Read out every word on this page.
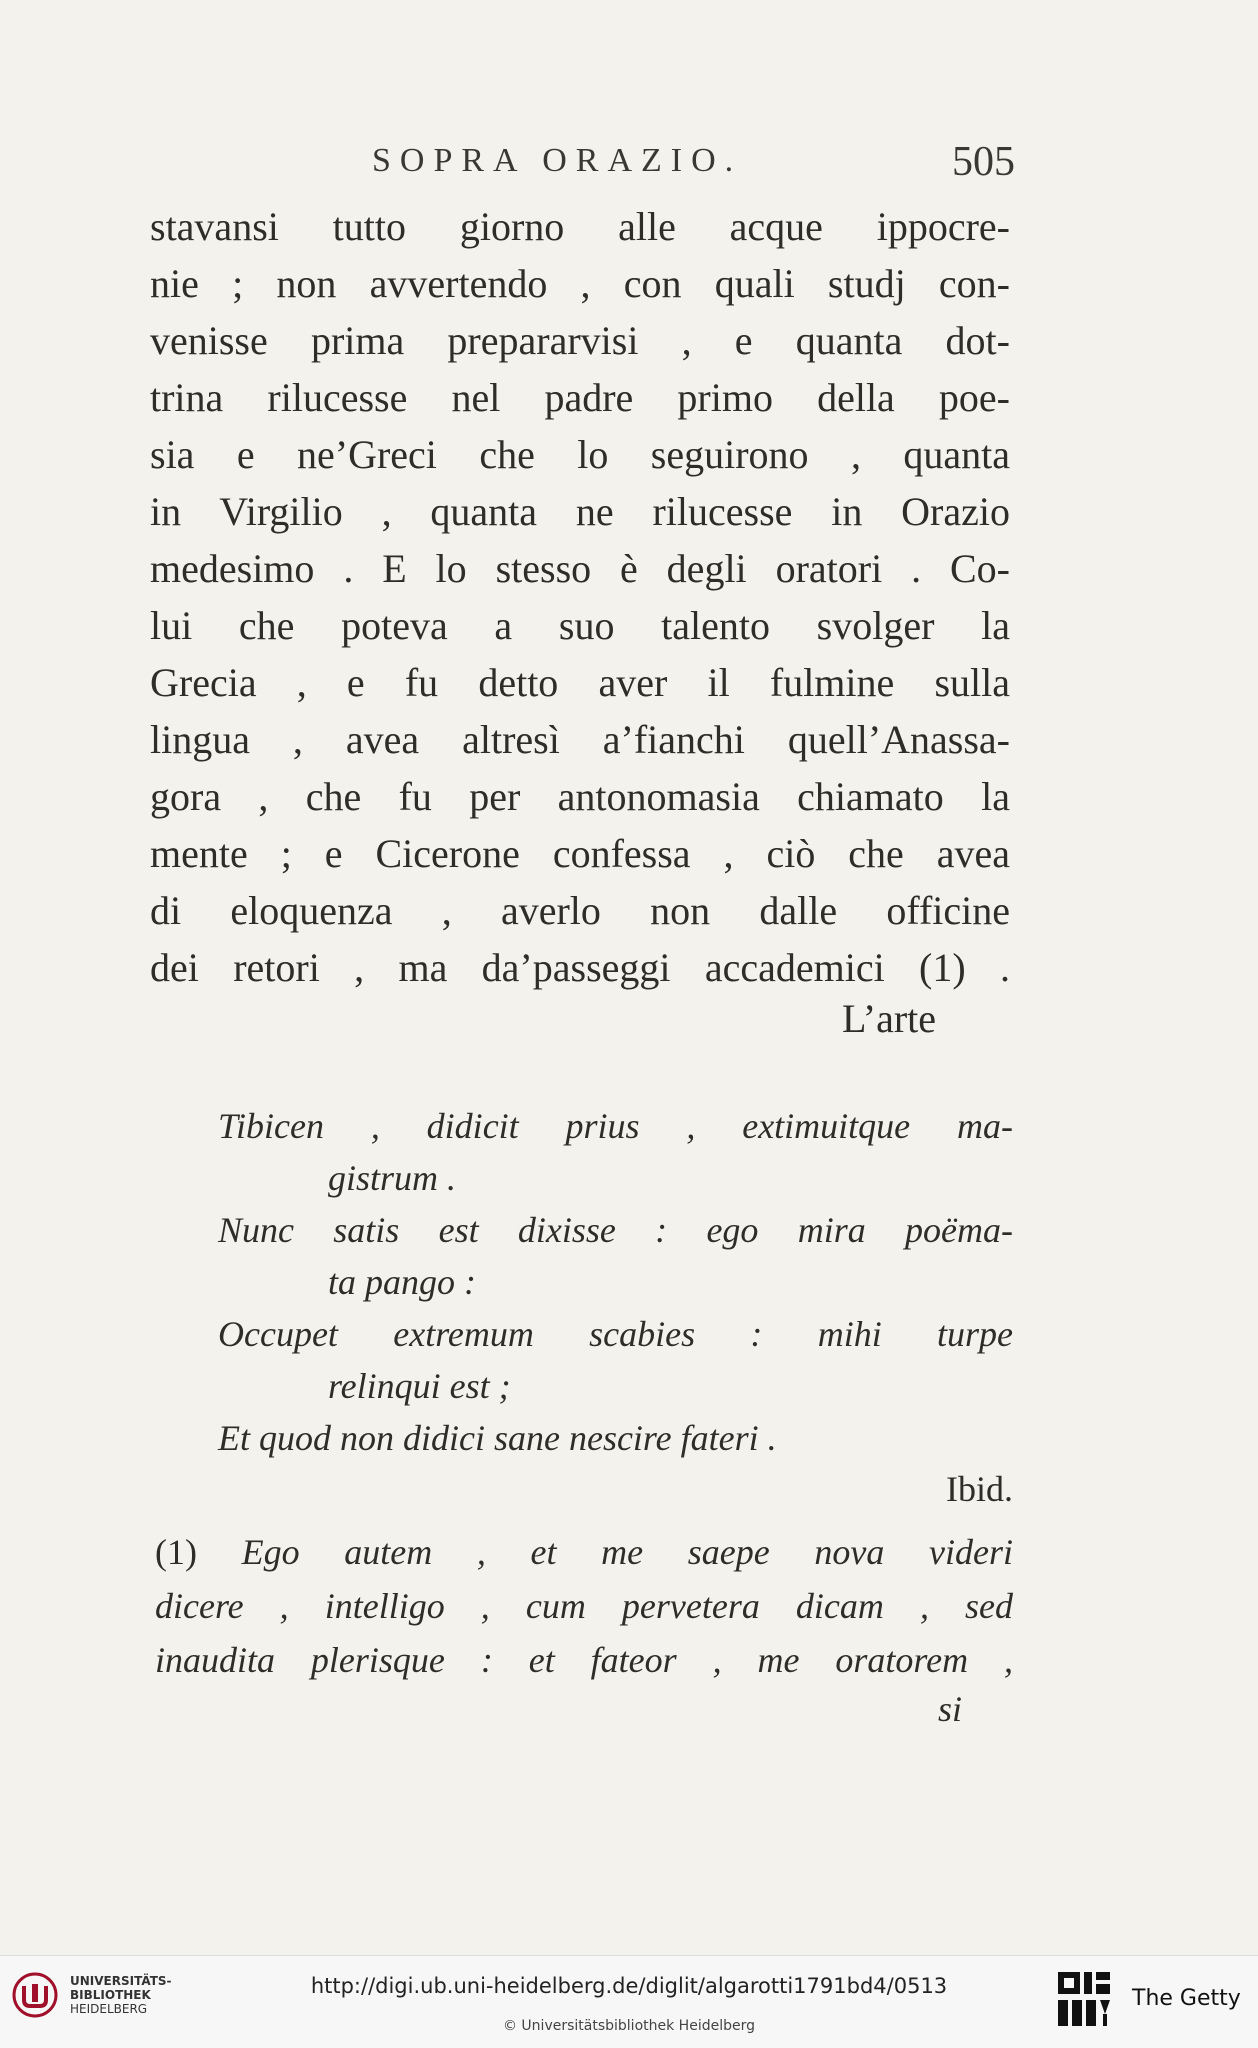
SOPRA ORAZIO.	505
stavansi tutto giorno alle acque ippocre-
nie ; non avvertendo , con quali studj con-
venisse prima prepararvisi , e quanta dot-
trina rilucesse nel padre primo della poe-
sia e ne’Greci che lo seguirono , quanta
in Virgilio , quanta ne rilucesse in Orazio
medesimo . E lo stesso è degli oratori . Co-
lui che poteva a suo talento svolger la
Grecia , e fu detto aver il fulmine sulla
lingua , avea altresì a’fianchi quell’Anassa-
gora , che fu per antonomasia chiamato la
mente ; e Cicerone confessa , ciò che avea
di eloquenza , averlo non dalle officine
dei retori , ma da’passeggi accademici (1) .
L’arte
Tibicen , didicit prius , extimuitque ma-
gistrum .
Nunc satis est dixisse : ego mira poëma-
ta pango :
Occupet extremum scabies : mihi turpe
relinqui est ;
Et quod non didici sane nescire fateri .
Ibid.
(1) Ego autem , et me saepe nova videri
dicere , intelligo , cum pervetera dicam , sed
inaudita plerisque : et fateor , me oratorem ,
si
UNIVERSITÄTS-
BIBLIOTHEK
HEIDELBERG
http://digi.ub.uni-heidelberg.de/diglit/algarotti1791bd4/0513
© Universitätsbibliothek Heidelberg
The Getty
